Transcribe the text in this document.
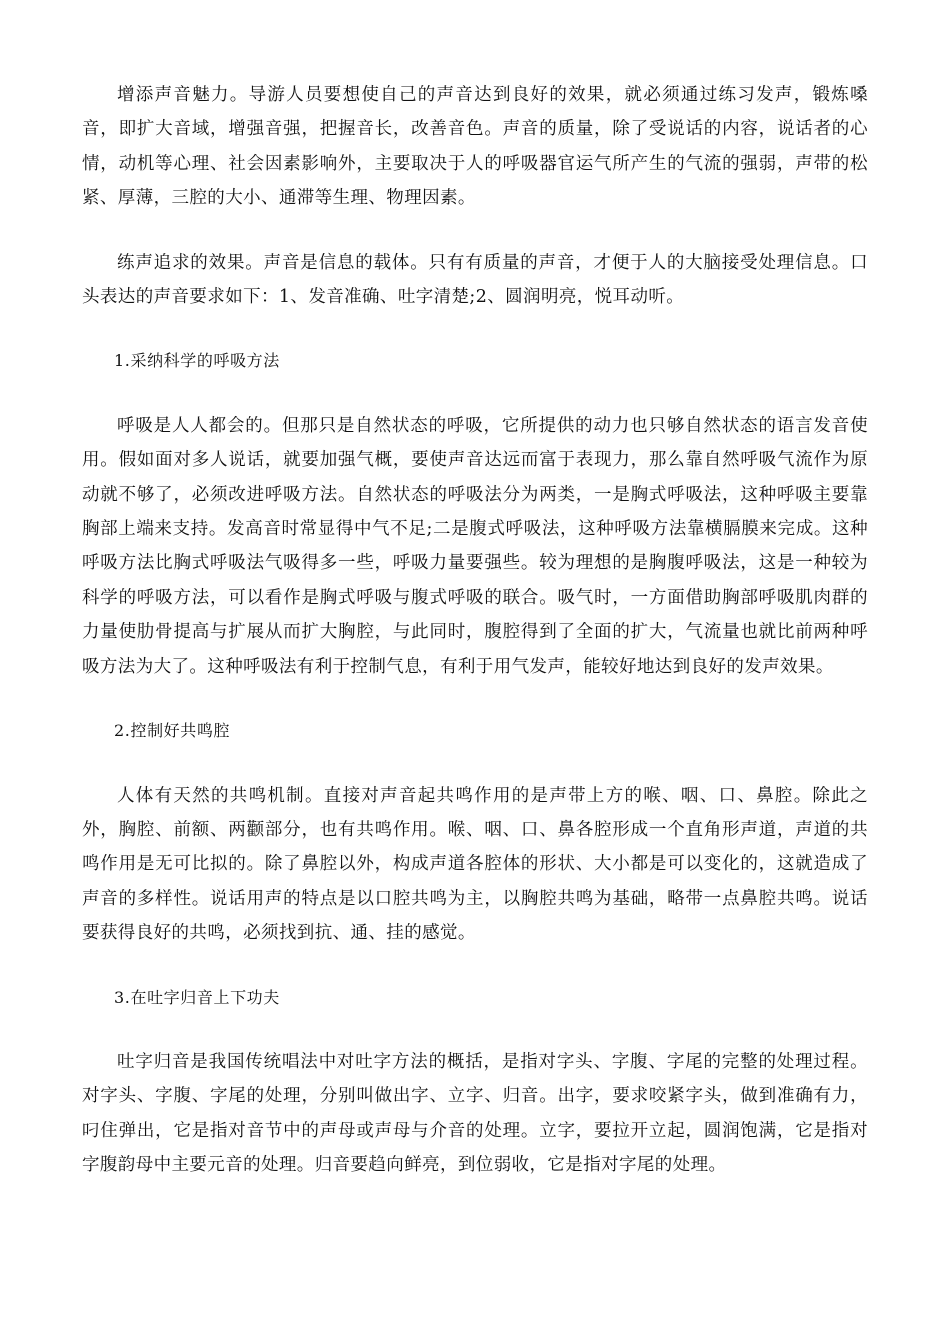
增添声音魅力。导游人员要想使自己的声音达到良好的效果，就必须通过练习发声，锻炼嗓音，即扩大音域，增强音强，把握音长，改善音色。声音的质量，除了受说话的内容，说话者的心情，动机等心理、社会因素影响外，主要取决于人的呼吸器官运气所产生的气流的强弱，声带的松紧、厚薄，三腔的大小、通滞等生理、物理因素。

练声追求的效果。声音是信息的载体。只有有质量的声音，才便于人的大脑接受处理信息。口头表达的声音要求如下：1、发音准确、吐字清楚;2、圆润明亮，悦耳动听。

1.采纳科学的呼吸方法

呼吸是人人都会的。但那只是自然状态的呼吸，它所提供的动力也只够自然状态的语言发音使用。假如面对多人说话，就要加强气概，要使声音达远而富于表现力，那么靠自然呼吸气流作为原动就不够了，必须改进呼吸方法。自然状态的呼吸法分为两类，一是胸式呼吸法，这种呼吸主要靠胸部上端来支持。发高音时常显得中气不足;二是腹式呼吸法，这种呼吸方法靠横膈膜来完成。这种呼吸方法比胸式呼吸法气吸得多一些，呼吸力量要强些。较为理想的是胸腹呼吸法，这是一种较为科学的呼吸方法，可以看作是胸式呼吸与腹式呼吸的联合。吸气时，一方面借助胸部呼吸肌肉群的力量使肋骨提高与扩展从而扩大胸腔，与此同时，腹腔得到了全面的扩大，气流量也就比前两种呼吸方法为大了。这种呼吸法有利于控制气息，有利于用气发声，能较好地达到良好的发声效果。

2.控制好共鸣腔

人体有天然的共鸣机制。直接对声音起共鸣作用的是声带上方的喉、咽、口、鼻腔。除此之外，胸腔、前额、两颧部分，也有共鸣作用。喉、咽、口、鼻各腔形成一个直角形声道，声道的共鸣作用是无可比拟的。除了鼻腔以外，构成声道各腔体的形状、大小都是可以变化的，这就造成了声音的多样性。说话用声的特点是以口腔共鸣为主，以胸腔共鸣为基础，略带一点鼻腔共鸣。说话要获得良好的共鸣，必须找到抗、通、挂的感觉。

3.在吐字归音上下功夫

吐字归音是我国传统唱法中对吐字方法的概括，是指对字头、字腹、字尾的完整的处理过程。对字头、字腹、字尾的处理，分别叫做出字、立字、归音。出字，要求咬紧字头，做到准确有力，叼住弹出，它是指对音节中的声母或声母与介音的处理。立字，要拉开立起，圆润饱满，它是指对字腹韵母中主要元音的处理。归音要趋向鲜亮，到位弱收，它是指对字尾的处理。
